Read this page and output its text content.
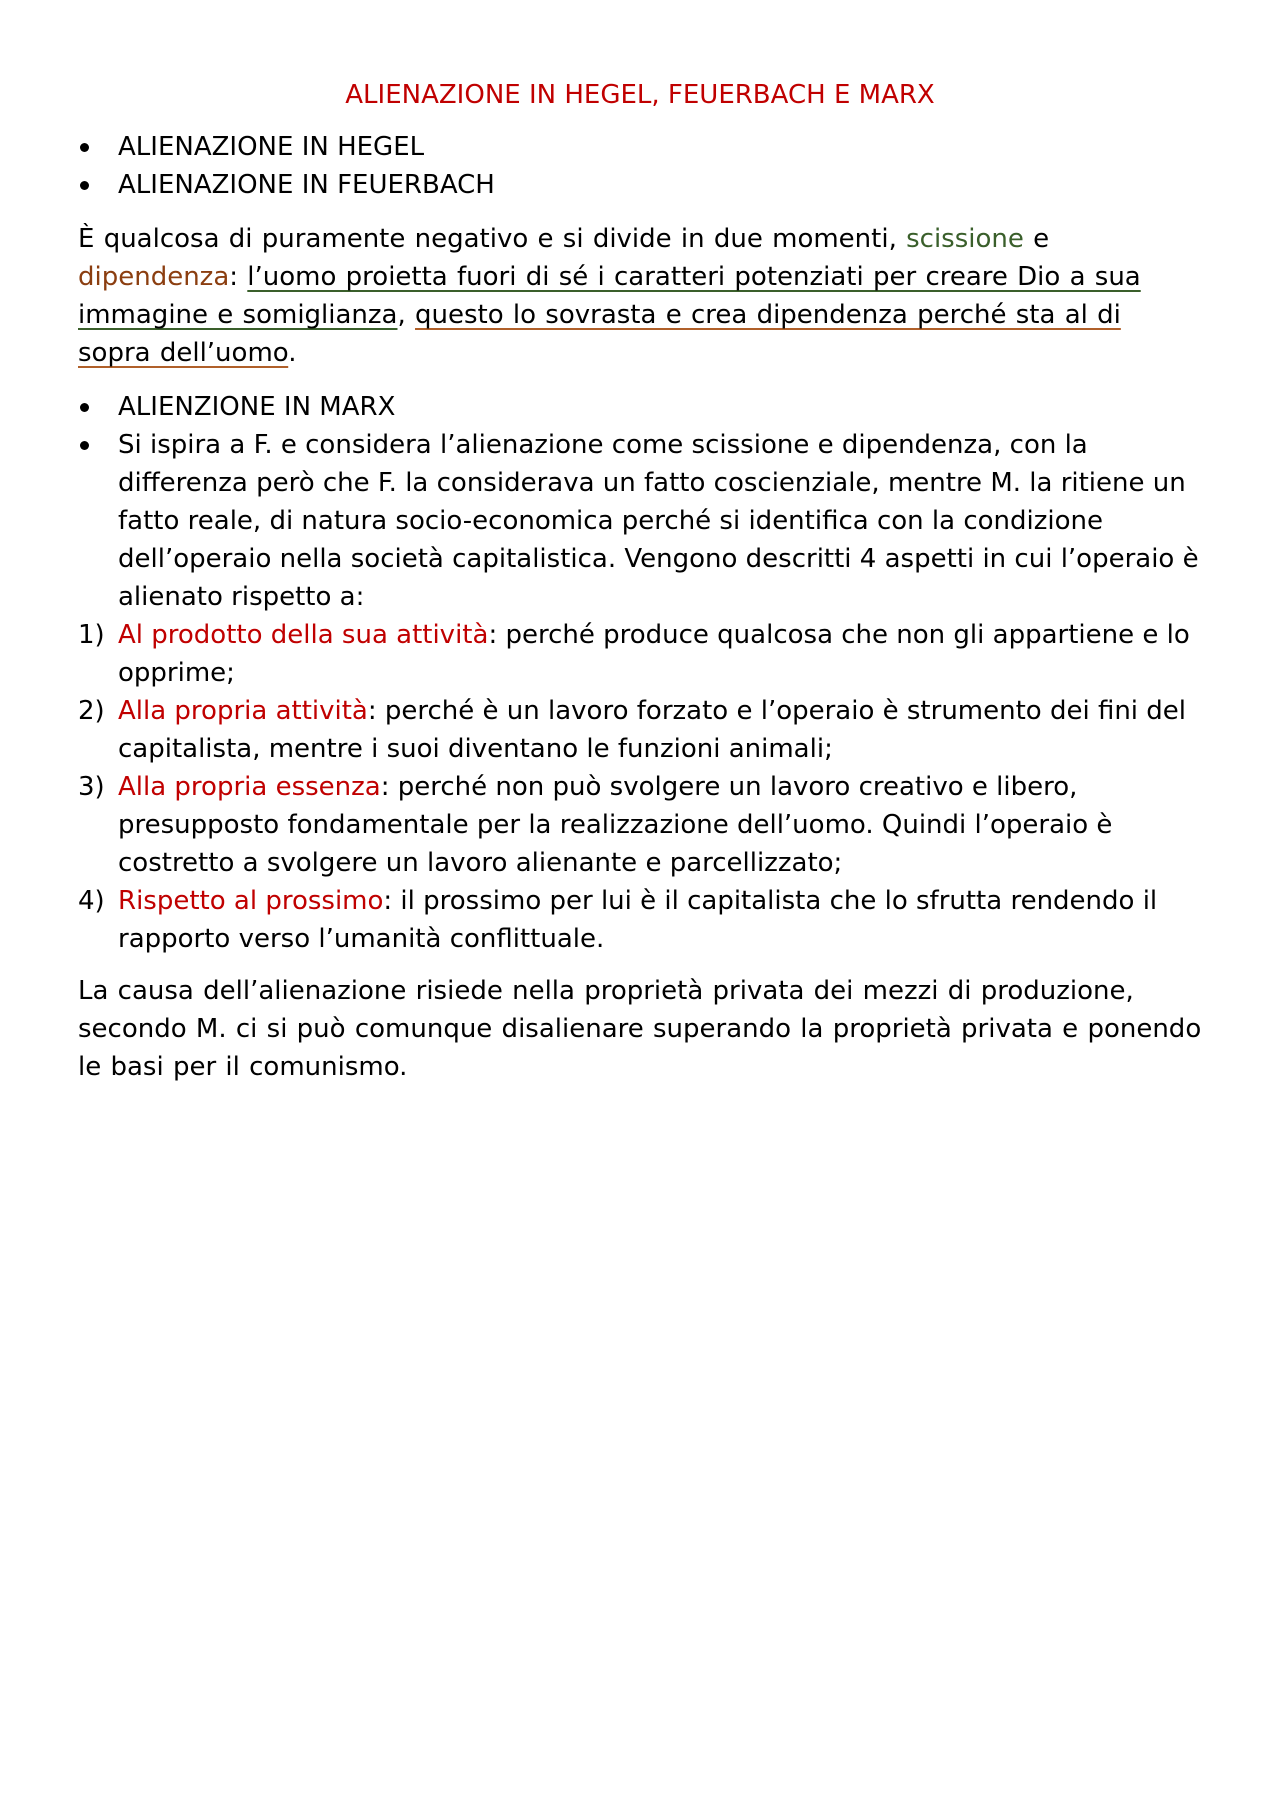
ALIENAZIONE IN HEGEL, FEUERBACH E MARX
ALIENAZIONE IN HEGEL
ALIENAZIONE IN FEUERBACH

È qualcosa di puramente negativo e si divide in due momenti, scissione e dipendenza: l’uomo proietta fuori di sé i caratteri potenziati per creare Dio a sua immagine e somiglianza, questo lo sovrasta e crea dipendenza perché sta al di sopra dell’uomo.

ALIENZIONE IN MARX
Si ispira a F. e considera l’alienazione come scissione e dipendenza, con la differenza però che F. la considerava un fatto coscienziale, mentre M. la ritiene un fatto reale, di natura socio-economica perché si identifica con la condizione dell’operaio nella società capitalistica. Vengono descritti 4 aspetti in cui l’operaio è alienato rispetto a:
1) Al prodotto della sua attività: perché produce qualcosa che non gli appartiene e lo opprime;
2) Alla propria attività: perché è un lavoro forzato e l’operaio è strumento dei fini del capitalista, mentre i suoi diventano le funzioni animali;
3) Alla propria essenza: perché non può svolgere un lavoro creativo e libero, presupposto fondamentale per la realizzazione dell’uomo. Quindi l’operaio è costretto a svolgere un lavoro alienante e parcellizzato;
4) Rispetto al prossimo: il prossimo per lui è il capitalista che lo sfrutta rendendo il rapporto verso l’umanità conflittuale.

La causa dell’alienazione risiede nella proprietà privata dei mezzi di produzione, secondo M. ci si può comunque disalienare superando la proprietà privata e ponendo le basi per il comunismo.
